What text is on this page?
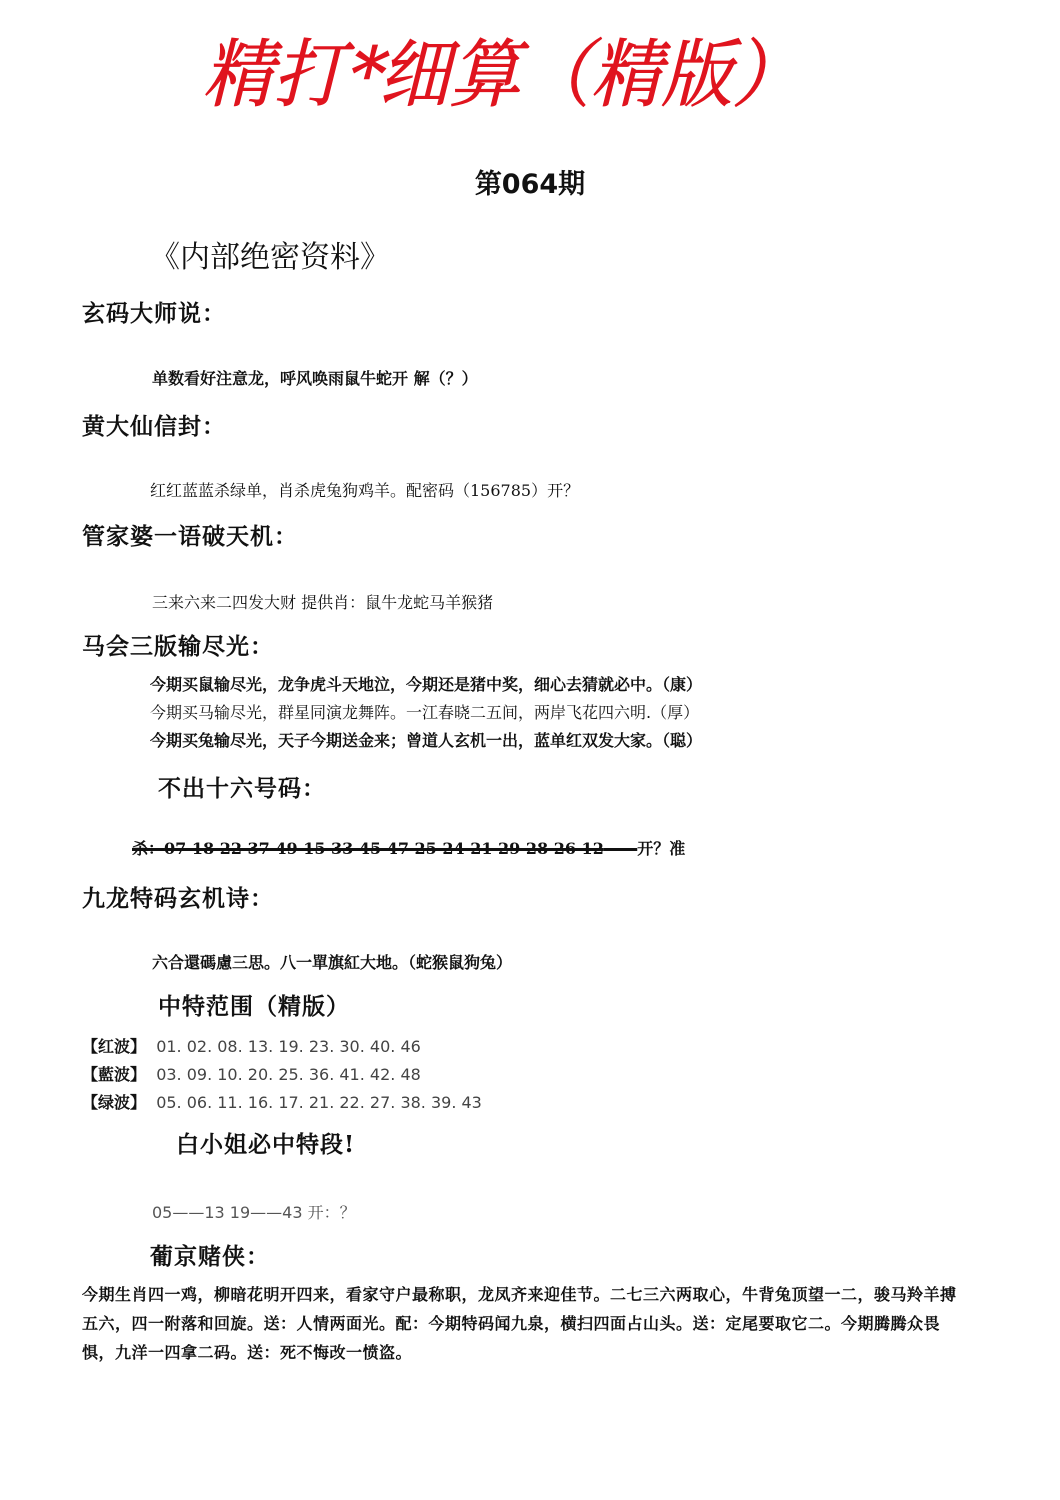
精打*细算（精版）
第064期
《内部绝密资料》
玄码大师说：
单数看好注意龙，呼风唤雨鼠牛蛇开 解（？）
黄大仙信封：
红红蓝蓝杀绿单，肖杀虎兔狗鸡羊。配密码（156785）开？
管家婆一语破天机：
三来六来二四发大财 提供肖：鼠牛龙蛇马羊猴猪
马会三版输尽光：
今期买鼠输尽光，龙争虎斗天地泣，今期还是猪中奖，细心去猜就必中。（康）
今期买马输尽光，群星同演龙舞阵。一江春晓二五间，两岸飞花四六明.（厚）
今期买兔输尽光，天子今期送金来；曾道人玄机一出，蓝单红双发大家。（聪）
不出十六号码：
杀：07 18 22 37 49 15 33 45 47 25 24 21 29 28 26 12 开？准
九龙特码玄机诗：
六合還碼慮三思。八一單旗紅大地。（蛇猴鼠狗兔）
中特范围（精版）
【红波】 01. 02. 08. 13. 19. 23. 30. 40. 46
【藍波】 03. 09. 10. 20. 25. 36. 41. 42. 48
【绿波】 05. 06. 11. 16. 17. 21. 22. 27. 38. 39. 43
白小姐必中特段!
05——13 19——43 开：？
葡京赌侠：
今期生肖四一鸡，柳暗花明开四来，看家守户最称职，龙凤齐来迎佳节。二七三六两取心，牛背兔顶望一二，骏马羚羊搏五六，四一附落和回旋。送：人情两面光。配：今期特码闻九泉，横扫四面占山头。送：定尾要取它二。今期腾腾众畏惧，九洋一四拿二码。送：死不悔改一愤盗。
